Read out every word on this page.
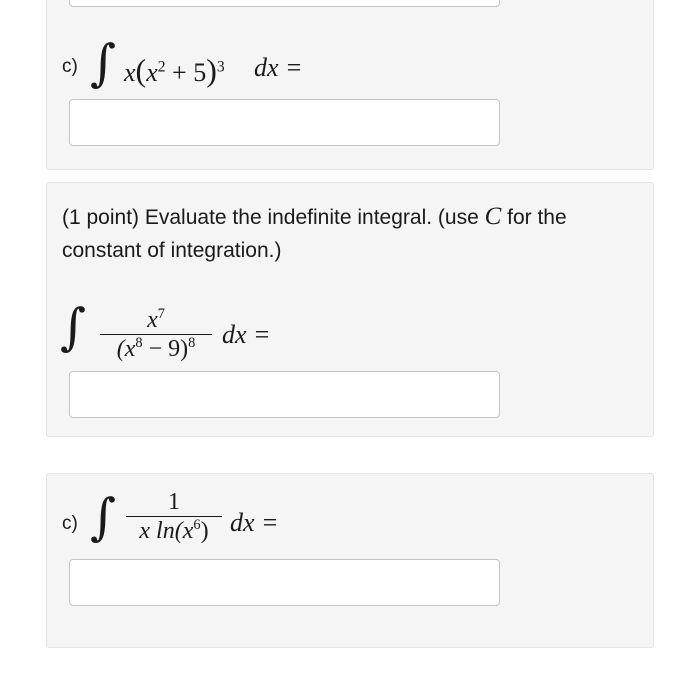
c) ∫ $x(x^2 + 5)^3$ dx =
(1 point) Evaluate the indefinite integral. (use C for the constant of integration.)
∫	$x^7$
$(x^8 - 9)^8$	dx =
c) ∫	1
x $\ln(x^6)$ dx =
